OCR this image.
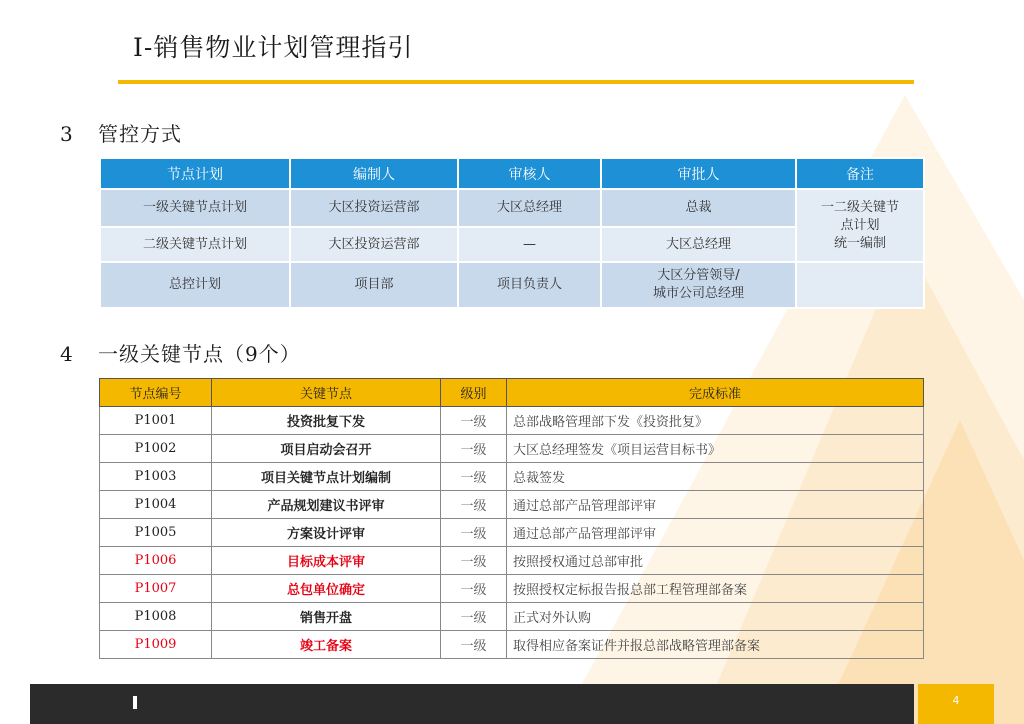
Ⅰ-销售物业计划管理指引
3 管控方式
节点计划	编制人	审核人	审批人	备注
一级关键节点计划	大区投资运营部	大区总经理	总裁	一二级关键节
点计划
统一编制

二级关键节点计划	大区投资运营部	—	大区总经理	
总控计划	项目部	项目负责人	大区分管领导/
城市公司总经理	

4 一级关键节点（9个）
节点编号	关键节点	级别	完成标准
P1001	投资批复下发	一级	总部战略管理部下发《投资批复》
P1002	项目启动会召开	一级	大区总经理签发《项目运营目标书》
P1003	项目关键节点计划编制	一级	总裁签发
P1004	产品规划建议书评审	一级	通过总部产品管理部评审
P1005	方案设计评审	一级	通过总部产品管理部评审
P1006	目标成本评审	一级	按照授权通过总部审批
P1007	总包单位确定	一级	按照授权定标报告报总部工程管理部备案
P1008	销售开盘	一级	正式对外认购
P1009	竣工备案	一级	取得相应备案证件并报总部战略管理部备案
4
